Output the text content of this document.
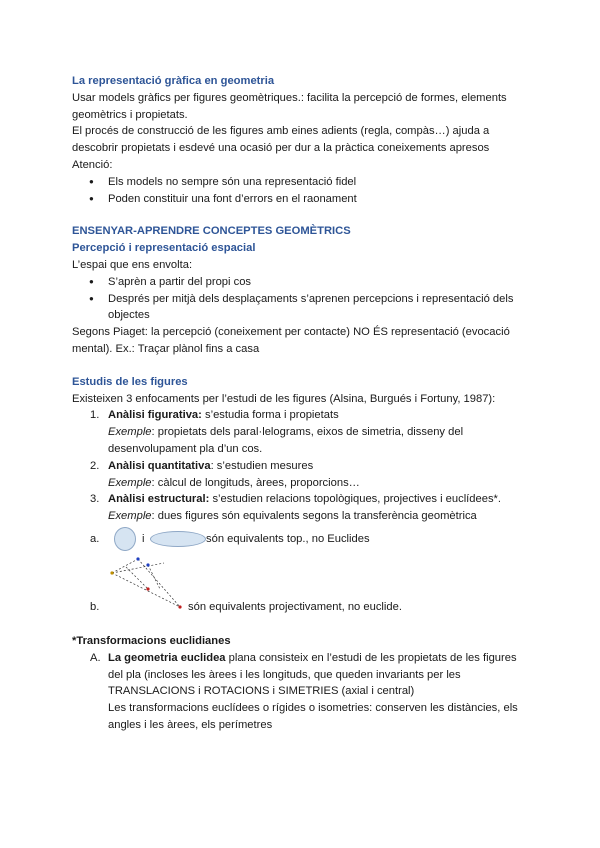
La representació gràfica en geometria
Usar models gràfics per figures geomètriques.: facilita la percepció de formes, elements geomètrics i propietats.
El procés de construcció de les figures amb eines adients (regla, compàs…) ajuda a descobrir propietats i esdevé una ocasió per dur a la pràctica coneixements apresos
Atenció:
● Els models no sempre són una representació fidel
● Poden constituir una font d’errors en el raonament
ENSENYAR-APRENDRE CONCEPTES GEOMÈTRICS
Percepció i representació espacial
L’espai que ens envolta:
● S’aprèn a partir del propi cos
● Després per mitjà dels desplaçaments s’aprenen percepcions i representació dels objectes
Segons Piaget: la percepció (coneixement per contacte) NO ÉS representació (evocació mental). Ex.: Traçar plànol fins a casa
Estudis de les figures
Existeixen 3 enfocaments per l’estudi de les figures (Alsina, Burgués i Fortuny, 1987):
1. Anàlisi figurativa: s’estudia forma i propietats
Exemple: propietats dels paral·lelograms, eixos de simetria, disseny del desenvolupament pla d’un cos.
2. Anàlisi quantitativa: s’estudien mesures
Exemple: càlcul de longituds, àrees, proporcions…
3. Anàlisi estructural: s’estudien relacions topològiques, projectives i euclídees*.
Exemple: dues figures són equivalents segons la transferència geomètrica
a.	i	són equivalents top., no Euclides
b.	són equivalents projectivament, no euclide.
*Transformacions euclidianes
A. La geometria euclidea plana consisteix en l’estudi de les propietats de les figures del pla (incloses les àrees i les longituds, que queden invariants per les TRANSLACIONS i ROTACIONS i SIMETRIES (axial i central)
Les transformacions euclídees o rígides o isometries: conserven les distàncies, els angles i les àrees, els perímetres
